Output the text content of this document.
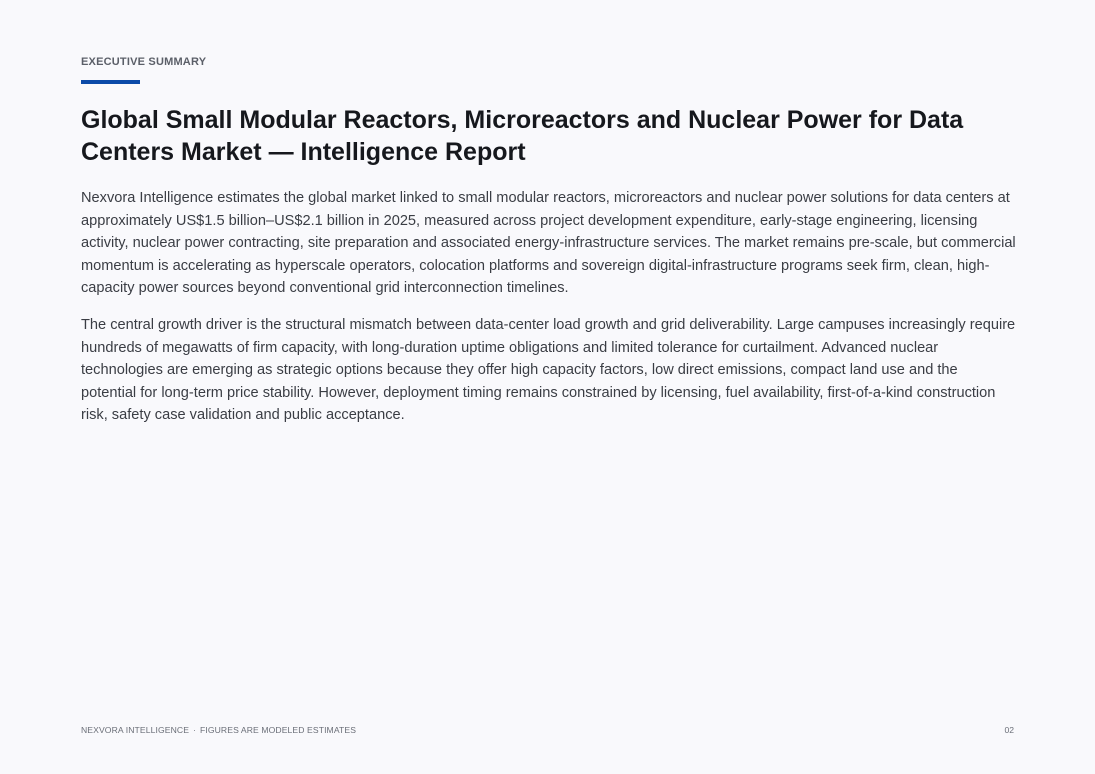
EXECUTIVE SUMMARY
Global Small Modular Reactors, Microreactors and Nuclear Power for Data Centers Market — Intelligence Report

Nexvora Intelligence estimates the global market linked to small modular reactors, microreactors and nuclear power solutions for data centers at approximately US$1.5 billion–US$2.1 billion in 2025, measured across project development expenditure, early-stage engineering, licensing activity, nuclear power contracting, site preparation and associated energy-infrastructure services. The market remains pre-scale, but commercial momentum is accelerating as hyperscale operators, colocation platforms and sovereign digital-infrastructure programs seek firm, clean, high-capacity power sources beyond conventional grid interconnection timelines.

The central growth driver is the structural mismatch between data-center load growth and grid deliverability. Large campuses increasingly require hundreds of megawatts of firm capacity, with long-duration uptime obligations and limited tolerance for curtailment. Advanced nuclear technologies are emerging as strategic options because they offer high capacity factors, low direct emissions, compact land use and the potential for long-term price stability. However, deployment timing remains constrained by licensing, fuel availability, first-of-a-kind construction risk, safety case validation and public acceptance.

NEXVORA INTELLIGENCE · FIGURES ARE MODELED ESTIMATES	02
